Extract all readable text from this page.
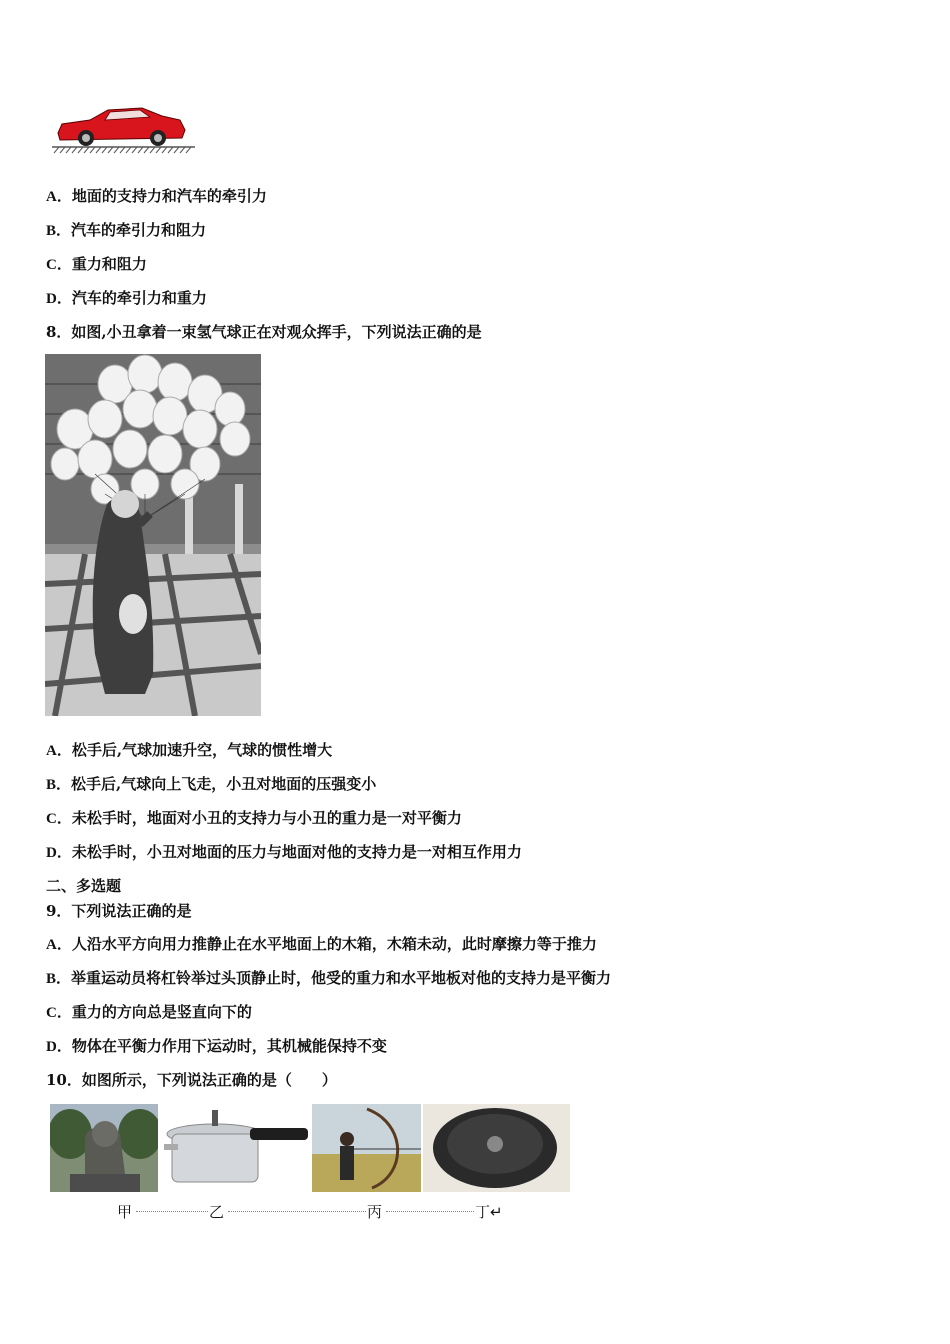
A．地面的支持力和汽车的牵引力
B．汽车的牵引力和阻力
C．重力和阻力
D．汽车的牵引力和重力
8．如图,小丑拿着一束氢气球正在对观众挥手，下列说法正确的是
A．松手后,气球加速升空，气球的惯性增大
B．松手后,气球向上飞走，小丑对地面的压强变小
C．未松手时，地面对小丑的支持力与小丑的重力是一对平衡力
D．未松手时，小丑对地面的压力与地面对他的支持力是一对相互作用力
二、多选题
9．下列说法正确的是
A．人沿水平方向用力推静止在水平地面上的木箱，木箱未动，此时摩擦力等于推力
B．举重运动员将杠铃举过头顶静止时，他受的重力和水平地板对他的支持力是平衡力
C．重力的方向总是竖直向下的
D．物体在平衡力作用下运动时，其机械能保持不变
10．如图所示，下列说法正确的是（　　）
甲	乙	丙	丁↵
